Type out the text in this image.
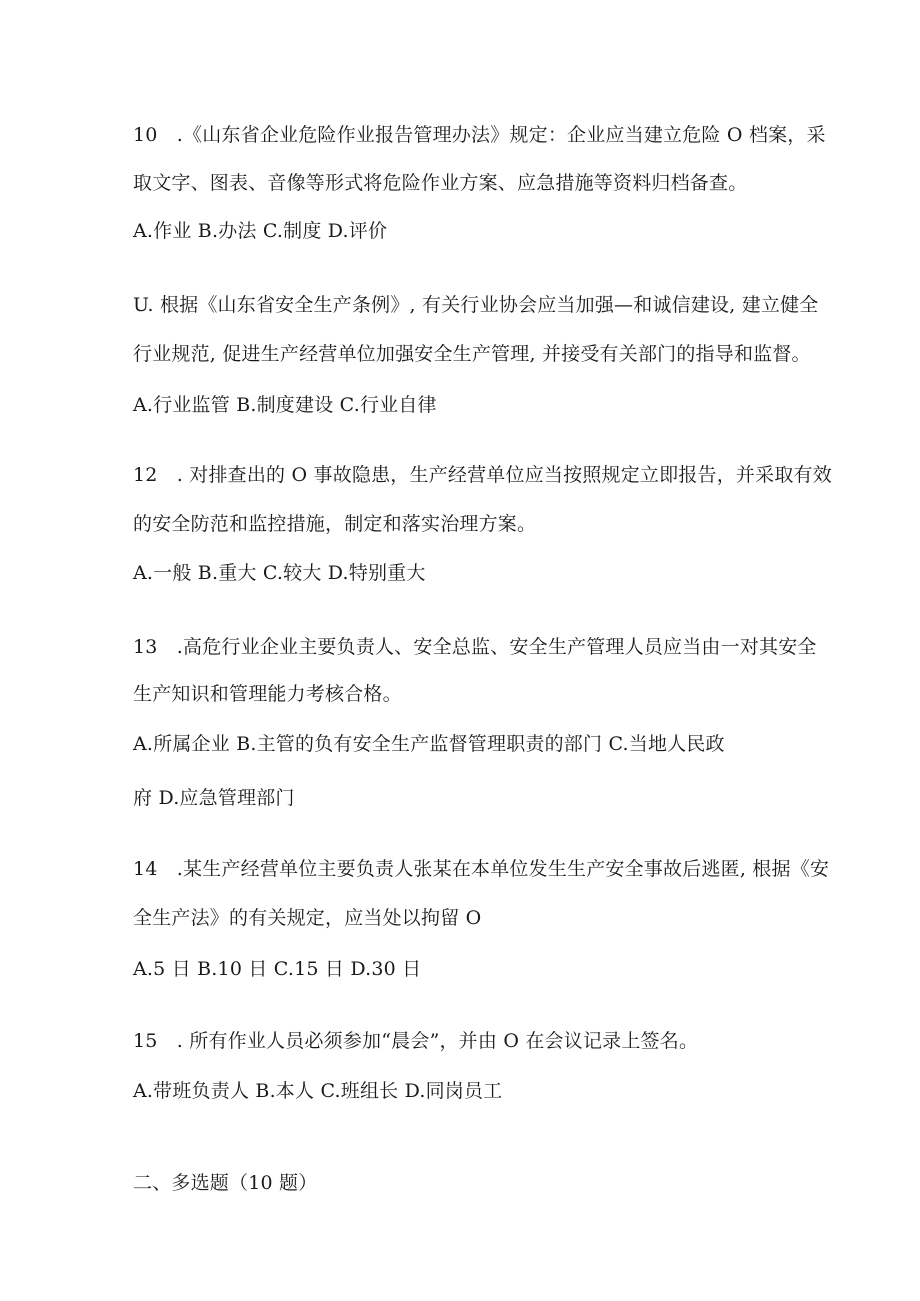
10　.《山东省企业危险作业报告管理办法》规定：企业应当建立危险 O 档案，采
取文字、图表、音像等形式将危险作业方案、应急措施等资料归档备查。
A.作业 B.办法 C.制度 D.评价
U. 根据《山东省安全生产条例》, 有关行业协会应当加强—和诚信建设, 建立健全
行业规范, 促进生产经营单位加强安全生产管理, 并接受有关部门的指导和监督。
A.行业监管 B.制度建设 C.行业自律
12　. 对排查出的 O 事故隐患，生产经营单位应当按照规定立即报告，并采取有效
的安全防范和监控措施，制定和落实治理方案。
A.一般 B.重大 C.较大 D.特别重大
13　.高危行业企业主要负责人、安全总监、安全生产管理人员应当由一对其安全
生产知识和管理能力考核合格。
A.所属企业 B.主管的负有安全生产监督管理职责的部门 C.当地人民政
府 D.应急管理部门
14　.某生产经营单位主要负责人张某在本单位发生生产安全事故后逃匿, 根据《安
全生产法》的有关规定，应当处以拘留 O
A.5 日 B.10 日 C.15 日 D.30 日
15　. 所有作业人员必须参加“晨会”，并由 O 在会议记录上签名。
A.带班负责人 B.本人 C.班组长 D.同岗员工
二、多选题（10 题）
